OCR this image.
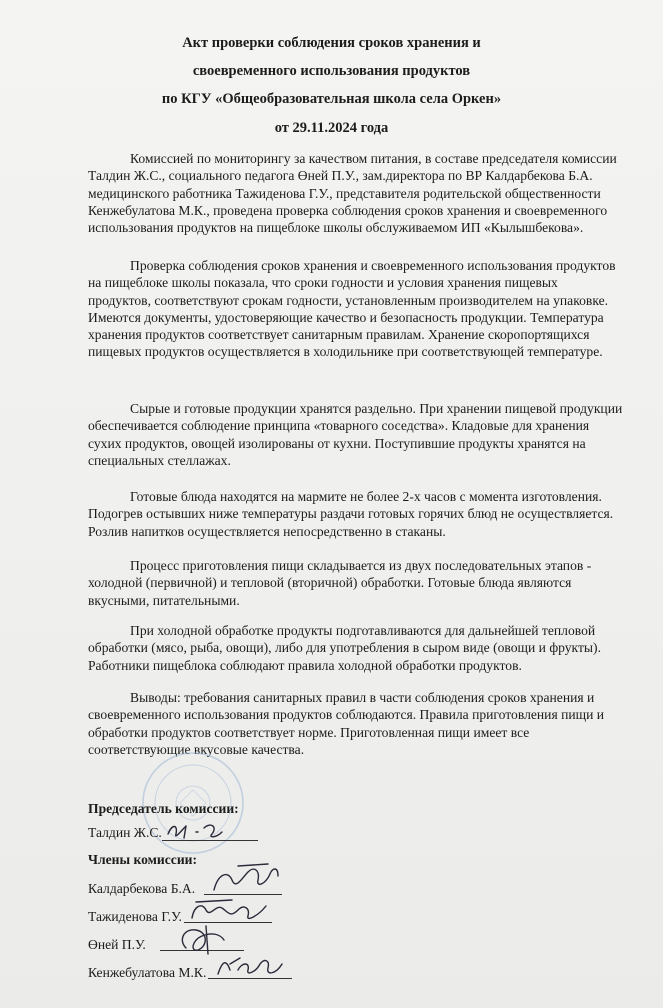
Акт проверки соблюдения сроков хранения и
своевременного использования продуктов
по КГУ «Общеобразовательная школа села Оркен»
от 29.11.2024 года
Комиссией по мониторингу за качеством питания, в составе председателя комиссии Талдин Ж.С., социального педагога Өней П.У., зам.директора по ВР Калдарбекова Б.А. медицинского работника Тажиденова Г.У., представителя родительской общественности Кенжебулатова М.К., проведена проверка соблюдения сроков хранения и своевременного использования продуктов на пищеблоке школы обслуживаемом ИП «Кылышбекова».
Проверка соблюдения сроков хранения и своевременного использования продуктов на пищеблоке школы показала, что сроки годности и условия хранения пищевых продуктов, соответствуют срокам годности, установленным производителем на упаковке. Имеются документы, удостоверяющие качество и безопасность продукции. Температура хранения продуктов соответствует санитарным правилам. Хранение скоропортящихся пищевых продуктов осуществляется в холодильнике при соответствующей температуре.
Сырые и готовые продукции хранятся раздельно. При хранении пищевой продукции обеспечивается соблюдение принципа «товарного соседства». Кладовые для хранения сухих продуктов, овощей изолированы от кухни. Поступившие продукты хранятся на специальных стеллажах.
Готовые блюда находятся на мармите не более 2-х часов с момента изготовления. Подогрев остывших ниже температуры раздачи готовых горячих блюд не осуществляется. Розлив напитков осуществляется непосредственно в стаканы.
Процесс приготовления пищи складывается из двух последовательных этапов - холодной (первичной) и тепловой (вторичной) обработки. Готовые блюда являются вкусными, питательными.
При холодной обработке продукты подготавливаются для дальнейшей тепловой обработки (мясо, рыба, овощи), либо для употребления в сыром виде (овощи и фрукты). Работники пищеблока соблюдают правила холодной обработки продуктов.
Выводы: требования санитарных правил в части соблюдения сроков хранения и своевременного использования продуктов соблюдаются. Правила приготовления пищи и обработки продуктов соответствует норме. Приготовленная пищи имеет все соответствующие вкусовые качества.
Председатель комиссии:
Талдин Ж.С.
Члены комиссии:
Калдарбекова Б.А.
Тажиденова Г.У.
Өней П.У.
Кенжебулатова М.К.
